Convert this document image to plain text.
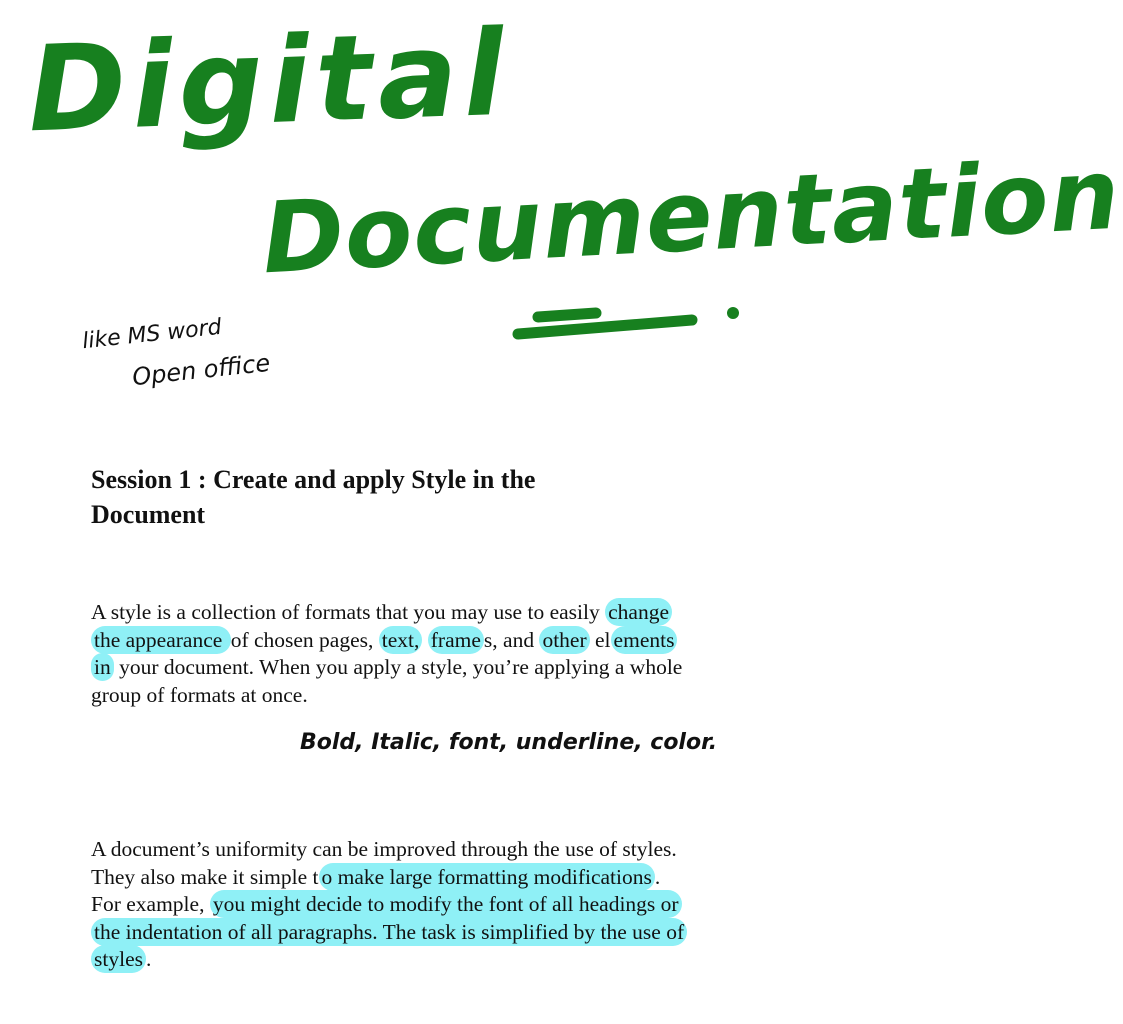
Digital
Documentation
like MS word
Open office
Session 1 : Create and apply Style in the Document

A style is a collection of formats that you may use to easily change the appearance of chosen pages, text, frame s, and other el ements in your document. When you apply a style, you’re applying a whole group of formats at once.

Bold, Italic, font, underline, color.

A document’s uniformity can be improved through the use of styles. They also make it simple t o make large formatting modifications . For example, you might decide to modify the font of all headings or the indentation of all paragraphs. The task is simplified by the use of styles .
